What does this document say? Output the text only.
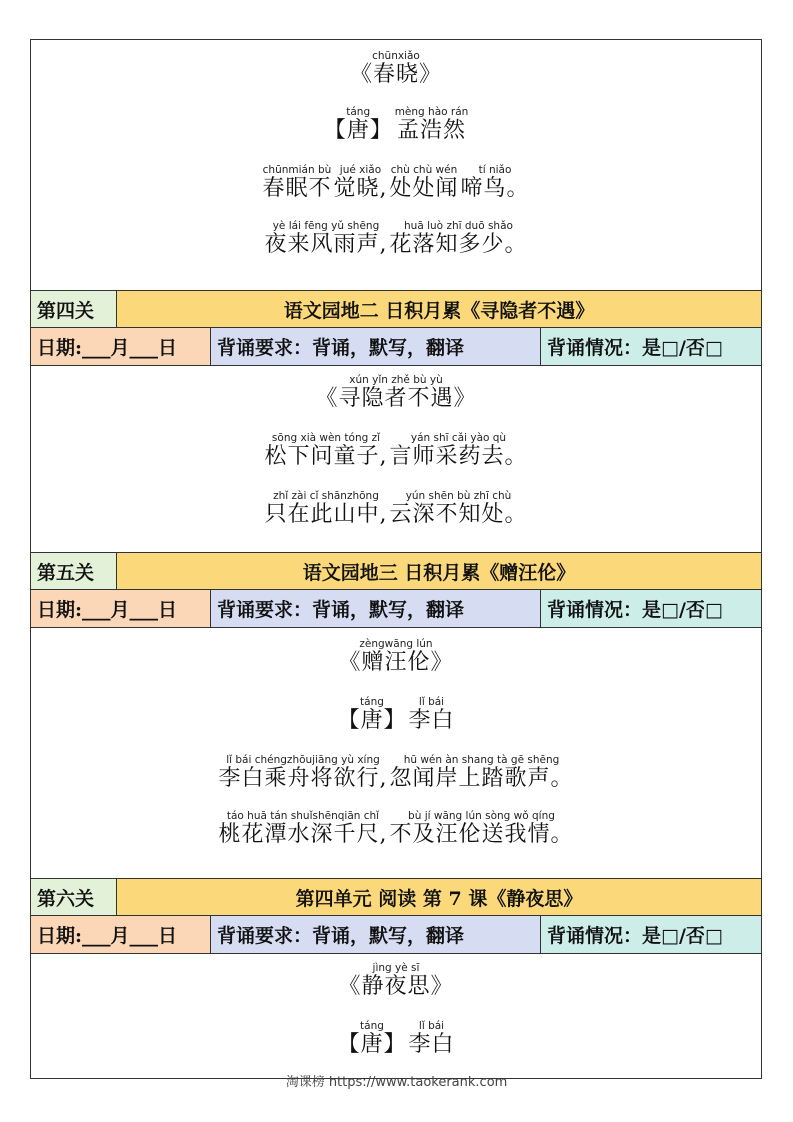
chūnxiǎo
《春晓》
táng
【唐】
mèng hào rán
孟浩然
chūnmián bù
春眠不
jué xiǎo
觉晓,
chù chù wén
处处闻
tí niǎo
啼鸟。
yè lái fēng yǔ shēng
夜来风雨声,
huā luò zhī duō shǎo
花落知多少。
第四关	语文园地二 日积月累《寻隐者不遇》
日期:___月___日	背诵要求：背诵，默写，翻译	背诵情况：是□/否□
xún yǐn zhě bù yù
《寻隐者不遇》
sōng xià wèn tóng zǐ
松下问童子,
yán shī cǎi yào qù
言师采药去。
zhǐ zài cǐ shānzhōng
只在此山中,
yún shēn bù zhī chù
云深不知处。
第五关	语文园地三 日积月累《赠汪伦》
日期:___月___日	背诵要求：背诵，默写，翻译	背诵情况：是□/否□
zèngwāng lún
《赠汪伦》
táng
【唐】
lǐ bái
李白
lǐ bái chéngzhōujiāng yù xíng
李白乘舟将欲行,
hū wén àn shang tà gē shēng
忽闻岸上踏歌声。
táo huā tán shuǐshēnqiān chǐ
桃花潭水深千尺,
bù jí wāng lún sòng wǒ qíng
不及汪伦送我情。
第六关	第四单元 阅读 第 7 课《静夜思》
日期:___月___日	背诵要求：背诵，默写，翻译	背诵情况：是□/否□
jìng yè sī
《静夜思》
táng
【唐】
lǐ bái
李白
淘课榜 https://www.taokerank.com
